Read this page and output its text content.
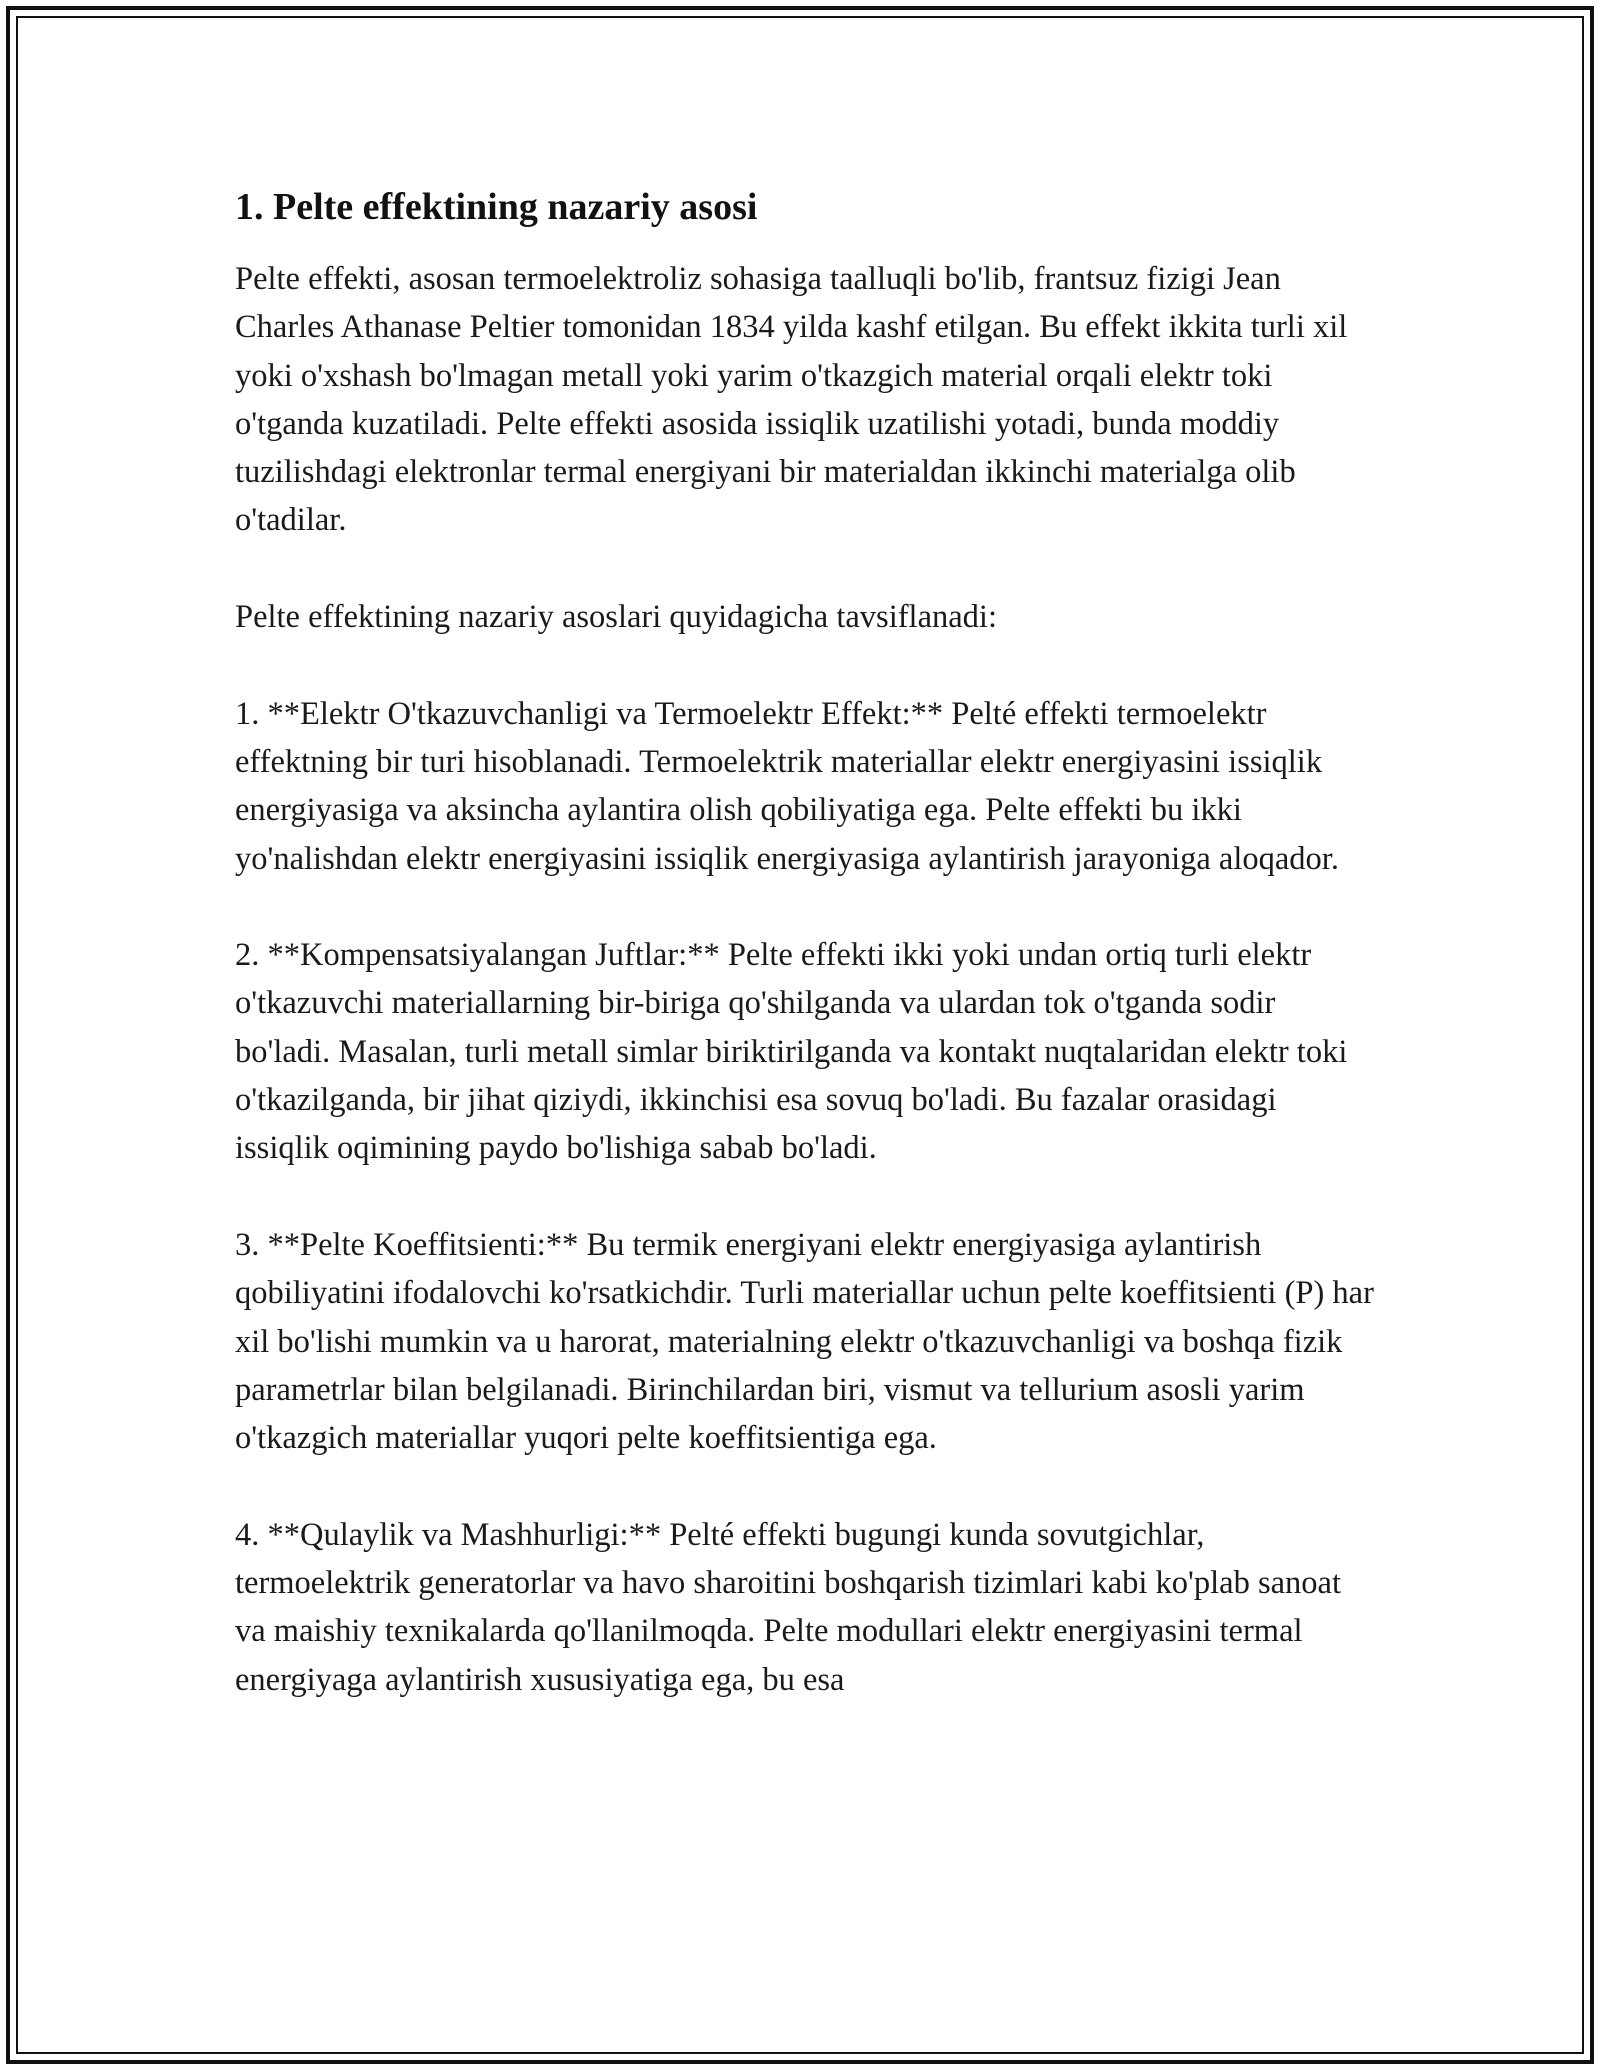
1. Pelte effektining nazariy asosi

Pelte effekti, asosan termoelektroliz sohasiga taalluqli bo'lib, frantsuz fizigi Jean Charles Athanase Peltier tomonidan 1834 yilda kashf etilgan. Bu effekt ikkita turli xil yoki o'xshash bo'lmagan metall yoki yarim o'tkazgich material orqali elektr toki o'tganda kuzatiladi. Pelte effekti asosida issiqlik uzatilishi yotadi, bunda moddiy tuzilishdagi elektronlar termal energiyani bir materialdan ikkinchi materialga olib o'tadilar.

Pelte effektining nazariy asoslari quyidagicha tavsiflanadi:

1. **Elektr O'tkazuvchanligi va Termoelektr Effekt:** Pelté effekti termoelektr effektning bir turi hisoblanadi. Termoelektrik materiallar elektr energiyasini issiqlik energiyasiga va aksincha aylantira olish qobiliyatiga ega. Pelte effekti bu ikki yo'nalishdan elektr energiyasini issiqlik energiyasiga aylantirish jarayoniga aloqador.

2. **Kompensatsiyalangan Juftlar:** Pelte effekti ikki yoki undan ortiq turli elektr o'tkazuvchi materiallarning bir-biriga qo'shilganda va ulardan tok o'tganda sodir bo'ladi. Masalan, turli metall simlar biriktirilganda va kontakt nuqtalaridan elektr toki o'tkazilganda, bir jihat qiziydi, ikkinchisi esa sovuq bo'ladi. Bu fazalar orasidagi issiqlik oqimining paydo bo'lishiga sabab bo'ladi.

3. **Pelte Koeffitsienti:** Bu termik energiyani elektr energiyasiga aylantirish qobiliyatini ifodalovchi ko'rsatkichdir. Turli materiallar uchun pelte koeffitsienti (P) har xil bo'lishi mumkin va u harorat, materialning elektr o'tkazuvchanligi va boshqa fizik parametrlar bilan belgilanadi. Birinchilardan biri, vismut va tellurium asosli yarim o'tkazgich materiallar yuqori pelte koeffitsientiga ega.

4. **Qulaylik va Mashhurligi:** Pelté effekti bugungi kunda sovutgichlar, termoelektrik generatorlar va havo sharoitini boshqarish tizimlari kabi ko'plab sanoat va maishiy texnikalarda qo'llanilmoqda. Pelte modullari elektr energiyasini termal energiyaga aylantirish xususiyatiga ega, bu esa
